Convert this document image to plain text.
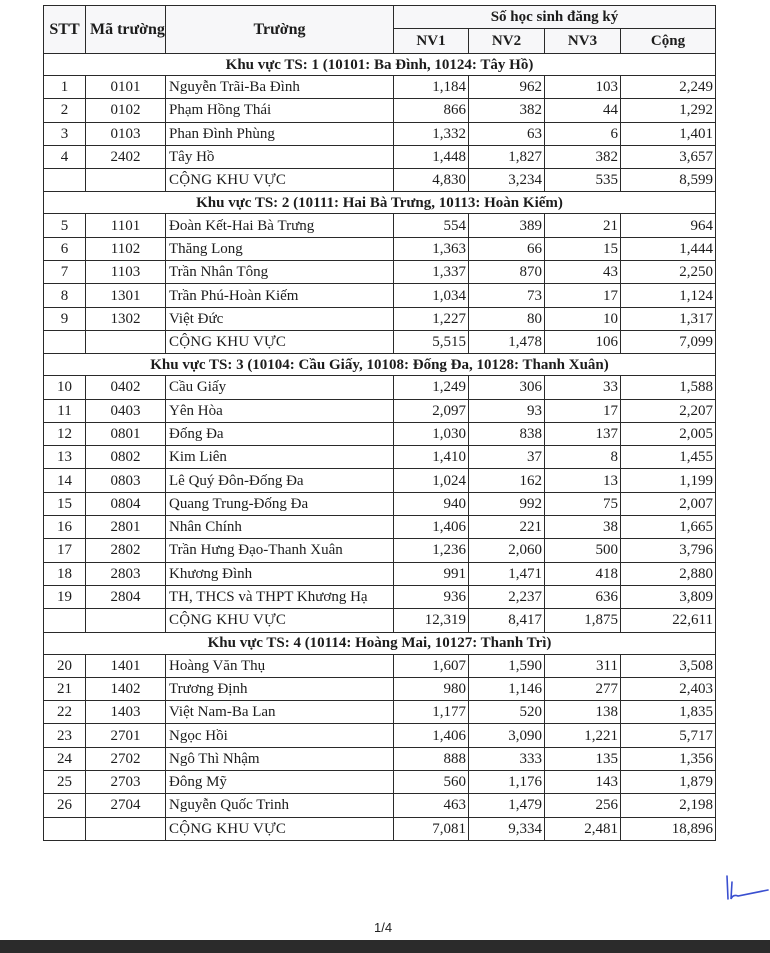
STT	Mã trường	Trường	Số học sinh đăng ký			
			NV1	NV2	NV3	Cộng
Khu vực TS: 1 (10101: Ba Đình, 10124: Tây Hồ)						
1	0101	Nguyễn Trãi-Ba Đình	1,184	962	103	2,249
2	0102	Phạm Hồng Thái	866	382	44	1,292
3	0103	Phan Đình Phùng	1,332	63	6	1,401
4	2402	Tây Hồ	1,448	1,827	382	3,657
		CỘNG KHU VỰC	4,830	3,234	535	8,599
Khu vực TS: 2 (10111: Hai Bà Trưng, 10113: Hoàn Kiếm)						
5	1101	Đoàn Kết-Hai Bà Trưng	554	389	21	964
6	1102	Thăng Long	1,363	66	15	1,444
7	1103	Trần Nhân Tông	1,337	870	43	2,250
8	1301	Trần Phú-Hoàn Kiếm	1,034	73	17	1,124
9	1302	Việt Đức	1,227	80	10	1,317
		CỘNG KHU VỰC	5,515	1,478	106	7,099
Khu vực TS: 3 (10104: Cầu Giấy, 10108: Đống Đa, 10128: Thanh Xuân)						
10	0402	Cầu Giấy	1,249	306	33	1,588
11	0403	Yên Hòa	2,097	93	17	2,207
12	0801	Đống Đa	1,030	838	137	2,005
13	0802	Kim Liên	1,410	37	8	1,455
14	0803	Lê Quý Đôn-Đống Đa	1,024	162	13	1,199
15	0804	Quang Trung-Đống Đa	940	992	75	2,007
16	2801	Nhân Chính	1,406	221	38	1,665
17	2802	Trần Hưng Đạo-Thanh Xuân	1,236	2,060	500	3,796
18	2803	Khương Đình	991	1,471	418	2,880
19	2804	TH, THCS và THPT Khương Hạ	936	2,237	636	3,809
		CỘNG KHU VỰC	12,319	8,417	1,875	22,611
Khu vực TS: 4 (10114: Hoàng Mai, 10127: Thanh Trì)						
20	1401	Hoàng Văn Thụ	1,607	1,590	311	3,508
21	1402	Trương Định	980	1,146	277	2,403
22	1403	Việt Nam-Ba Lan	1,177	520	138	1,835
23	2701	Ngọc Hồi	1,406	3,090	1,221	5,717
24	2702	Ngô Thì Nhậm	888	333	135	1,356
25	2703	Đông Mỹ	560	1,176	143	1,879
26	2704	Nguyễn Quốc Trinh	463	1,479	256	2,198
		CỘNG KHU VỰC	7,081	9,334	2,481	18,896
1/4
